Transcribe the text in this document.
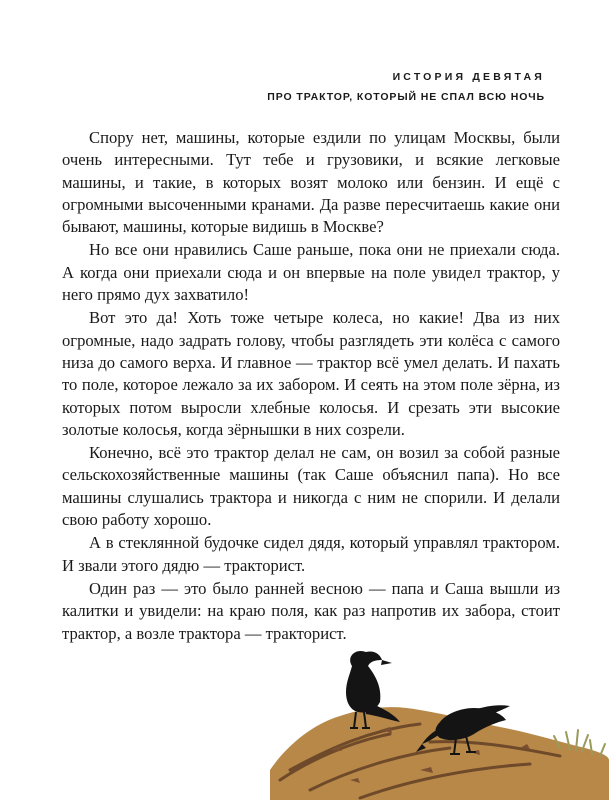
ИСТОРИЯ ДЕВЯТАЯ
ПРО ТРАКТОР, КОТОРЫЙ НЕ СПАЛ ВСЮ НОЧЬ

Спору нет, машины, которые ездили по улицам Москвы, были очень интересными. Тут тебе и грузовики, и всякие легковые машины, и такие, в которых возят молоко или бензин. И ещё с огромными высоченными кранами. Да разве пересчитаешь какие они бывают, машины, которые видишь в Москве?

Но все они нравились Саше раньше, пока они не приехали сюда. А когда они приехали сюда и он впервые на поле увидел трактор, у него прямо дух захватило!

Вот это да! Хоть тоже четыре колеса, но какие! Два из них огромные, надо задрать голову, чтобы разглядеть эти колёса с самого низа до самого верха. И главное — трактор всё умел делать. И пахать то поле, которое лежало за их забором. И сеять на этом поле зёрна, из которых потом выросли хлебные колосья. И срезать эти высокие золотые колосья, когда зёрнышки в них созрели.

Конечно, всё это трактор делал не сам, он возил за собой разные сельскохозяйственные машины (так Саше объяснил папа). Но все машины слушались трактора и никогда с ним не спорили. И делали свою работу хорошо.

А в стеклянной будочке сидел дядя, который управлял трактором. И звали этого дядю — тракторист.

Один раз — это было ранней весною — папа и Саша вышли из калитки и увидели: на краю поля, как раз напротив их забора, стоит трактор, а возле трактора — тракторист.
